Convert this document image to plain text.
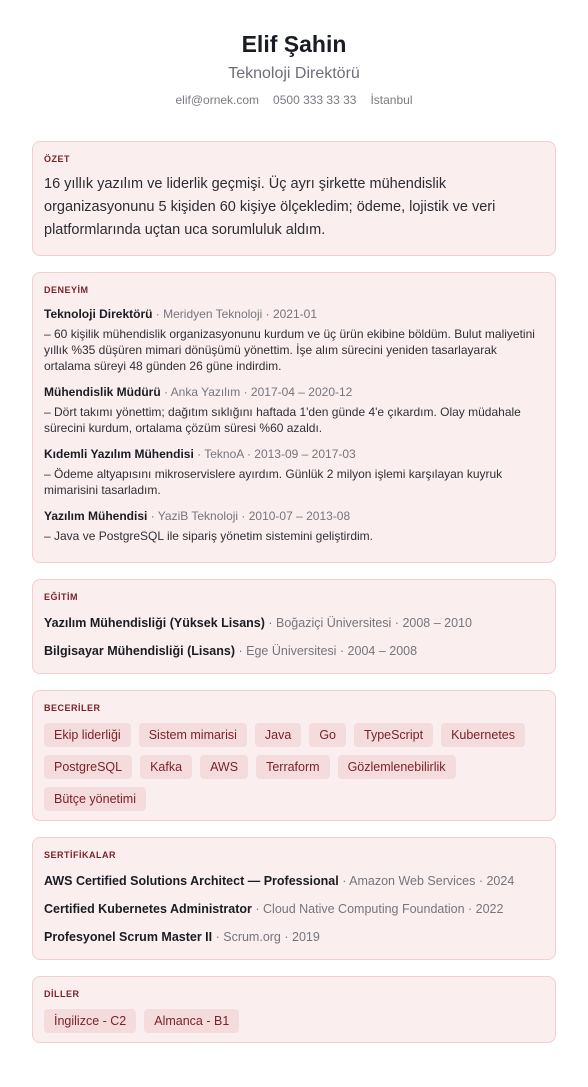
Elif Şahin
Teknoloji Direktörü
elif@ornek.com 0500 333 33 33 İstanbul
ÖZET
16 yıllık yazılım ve liderlik geçmişi. Üç ayrı şirkette mühendislik organizasyonunu 5 kişiden 60 kişiye ölçekledim; ödeme, lojistik ve veri platformlarında uçtan uca sorumluluk aldım.
DENEYİM
Teknoloji Direktörü · Meridyen Teknoloji · 2021-01
– 60 kişilik mühendislik organizasyonunu kurdum ve üç ürün ekibine böldüm. Bulut maliyetini yıllık %35 düşüren mimari dönüşümü yönettim. İşe alım sürecini yeniden tasarlayarak ortalama süreyi 48 günden 26 güne indirdim.
Mühendislik Müdürü · Anka Yazılım · 2017-04 – 2020-12
– Dört takımı yönettim; dağıtım sıklığını haftada 1'den günde 4'e çıkardım. Olay müdahale sürecini kurdum, ortalama çözüm süresi %60 azaldı.
Kıdemli Yazılım Mühendisi · TeknoA · 2013-09 – 2017-03
– Ödeme altyapısını mikroservislere ayırdım. Günlük 2 milyon işlemi karşılayan kuyruk mimarisini tasarladım.
Yazılım Mühendisi · YaziB Teknoloji · 2010-07 – 2013-08
– Java ve PostgreSQL ile sipariş yönetim sistemini geliştirdim.
EĞİTİM
Yazılım Mühendisliği (Yüksek Lisans) · Boğaziçi Üniversitesi · 2008 – 2010
Bilgisayar Mühendisliği (Lisans) · Ege Üniversitesi · 2004 – 2008
BECERİLER
Ekip liderliği	Sistem mimarisi	Java	Go	TypeScript	Kubernetes
PostgreSQL	Kafka	AWS	Terraform	Gözlemlenebilirlik
Bütçe yönetimi
SERTİFİKALAR
AWS Certified Solutions Architect — Professional · Amazon Web Services · 2024
Certified Kubernetes Administrator · Cloud Native Computing Foundation · 2022
Profesyonel Scrum Master II · Scrum.org · 2019
DİLLER
İngilizce - C2	Almanca - B1
